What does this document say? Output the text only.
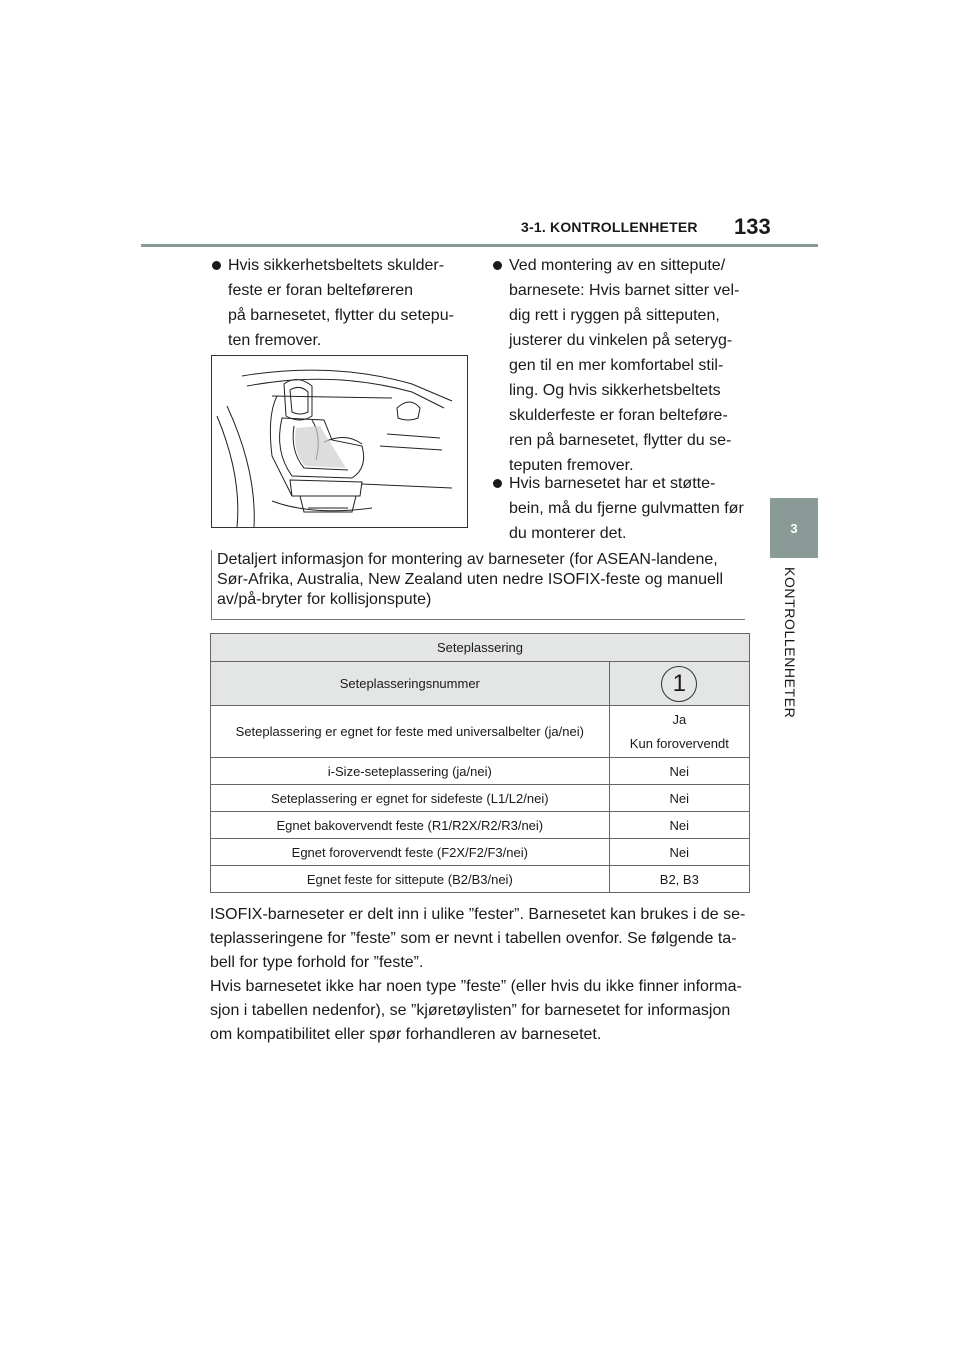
3-1. KONTROLLENHETER 133
3
KONTROLLENHETER
Hvis sikkerhetsbeltets skulder-
feste er foran belteføreren
på barnesetet, flytter du setepu-
ten fremover.
Ved montering av en sittepute/
barnesete: Hvis barnet sitter vel-
dig rett i ryggen på sitteputen,
justerer du vinkelen på seteryg-
gen til en mer komfortabel stil-
ling. Og hvis sikkerhetsbeltets
skulderfeste er foran belteføre-
ren på barnesetet, flytter du se-
teputen fremover.
Hvis barnesetet har et støtte-
bein, må du fjerne gulvmatten før
du monterer det.
Detaljert informasjon for montering av barneseter (for ASEAN-landene,
Sør-Afrika, Australia, New Zealand uten nedre ISOFIX-feste og manuell
av/på-bryter for kollisjonspute)
Seteplassering	
Seteplasseringsnummer	1
Seteplassering er egnet for feste med universalbelter (ja/nei)	Ja
Kun forovervendt

i-Size-seteplassering (ja/nei)	Nei
Seteplassering er egnet for sidefeste (L1/L2/nei)	Nei
Egnet bakovervendt feste (R1/R2X/R2/R3/nei)	Nei
Egnet forovervendt feste (F2X/F2/F3/nei)	Nei
Egnet feste for sittepute (B2/B3/nei)	B2, B3
ISOFIX-barneseter er delt inn i ulike ”fester”. Barnesetet kan brukes i de se-
teplasseringene for ”feste” som er nevnt i tabellen ovenfor. Se følgende ta-
bell for type forhold for ”feste”.
Hvis barnesetet ikke har noen type ”feste” (eller hvis du ikke finner informa-
sjon i tabellen nedenfor), se ”kjøretøylisten” for barnesetet for informasjon
om kompatibilitet eller spør forhandleren av barnesetet.
